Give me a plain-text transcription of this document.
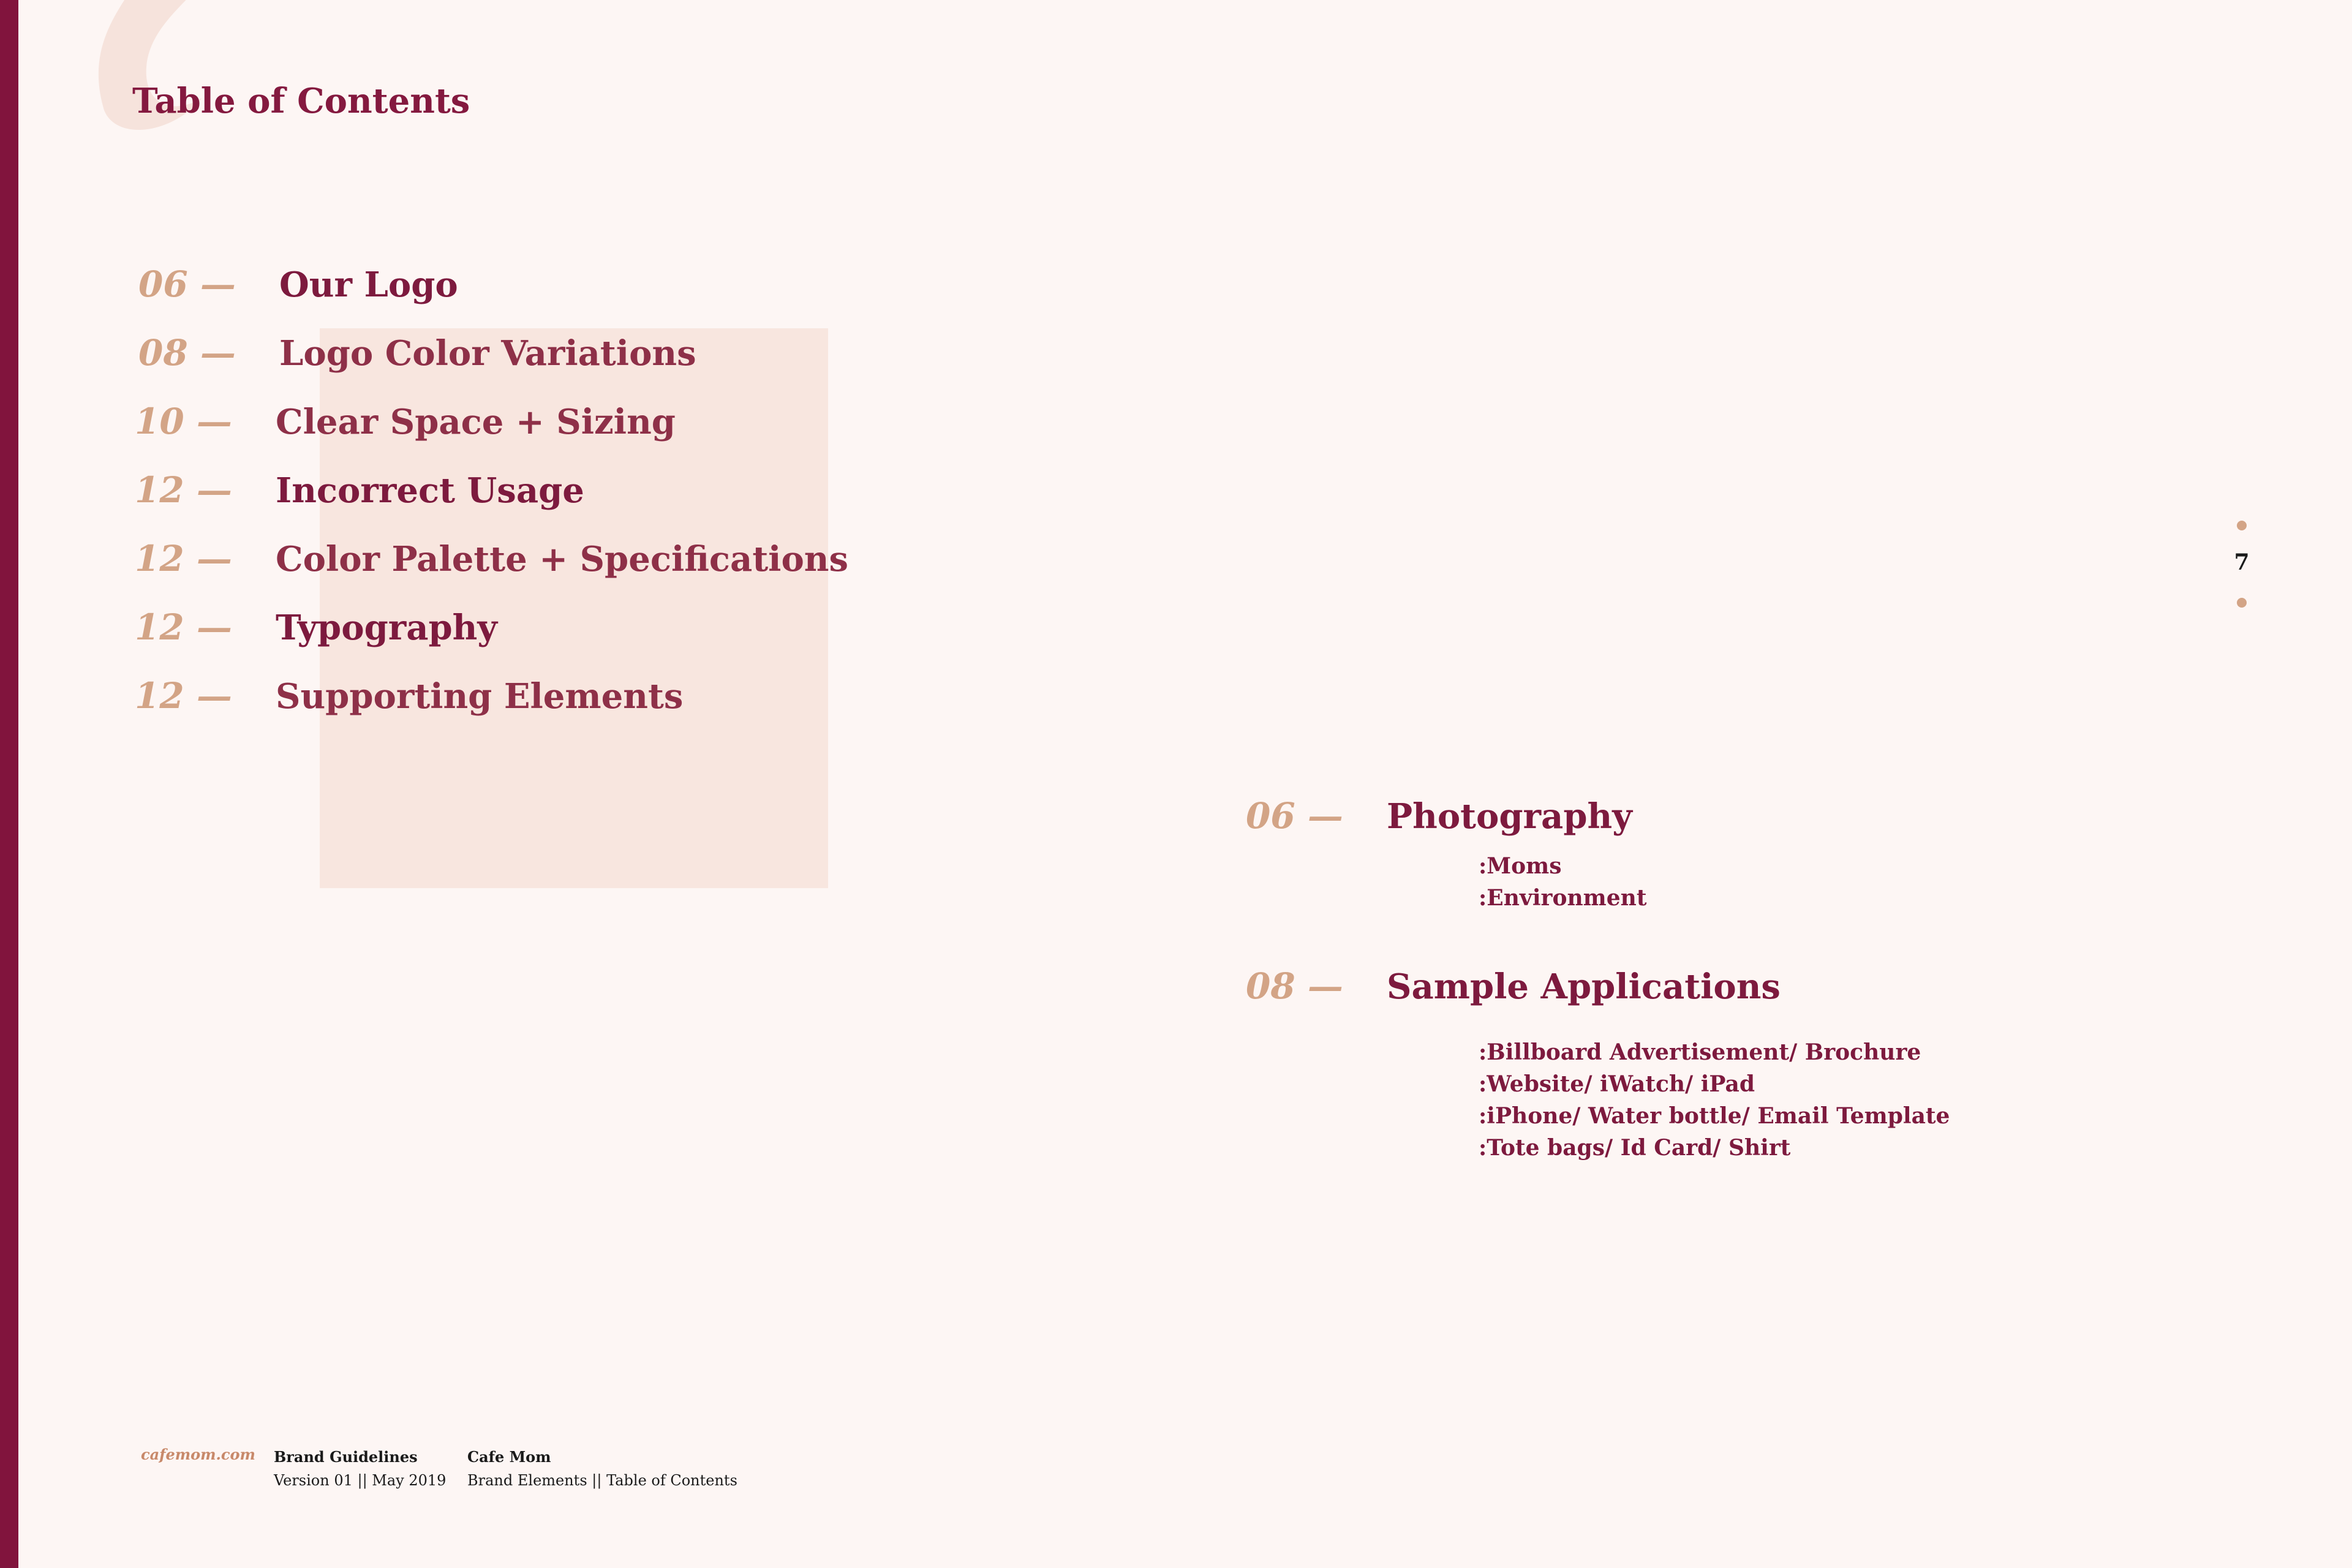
Table of Contents
06 —	Our Logo
08 —	Logo Color Variations
10 —	Clear Space + Sizing
12 —	Incorrect Usage
12 —	Color Palette + Specifications
12 —	Typography
12 —	Supporting Elements
06 —	Photography
:Moms
:Environment
08 —	Sample Applications
:Billboard Advertisement/ Brochure
:Website/ iWatch/ iPad
:iPhone/ Water bottle/ Email Template
:Tote bags/ Id Card/ Shirt
7
cafemom.com Brand Guidelines
Version 01 || May 2019
Cafe Mom
Brand Elements || Table of Contents
